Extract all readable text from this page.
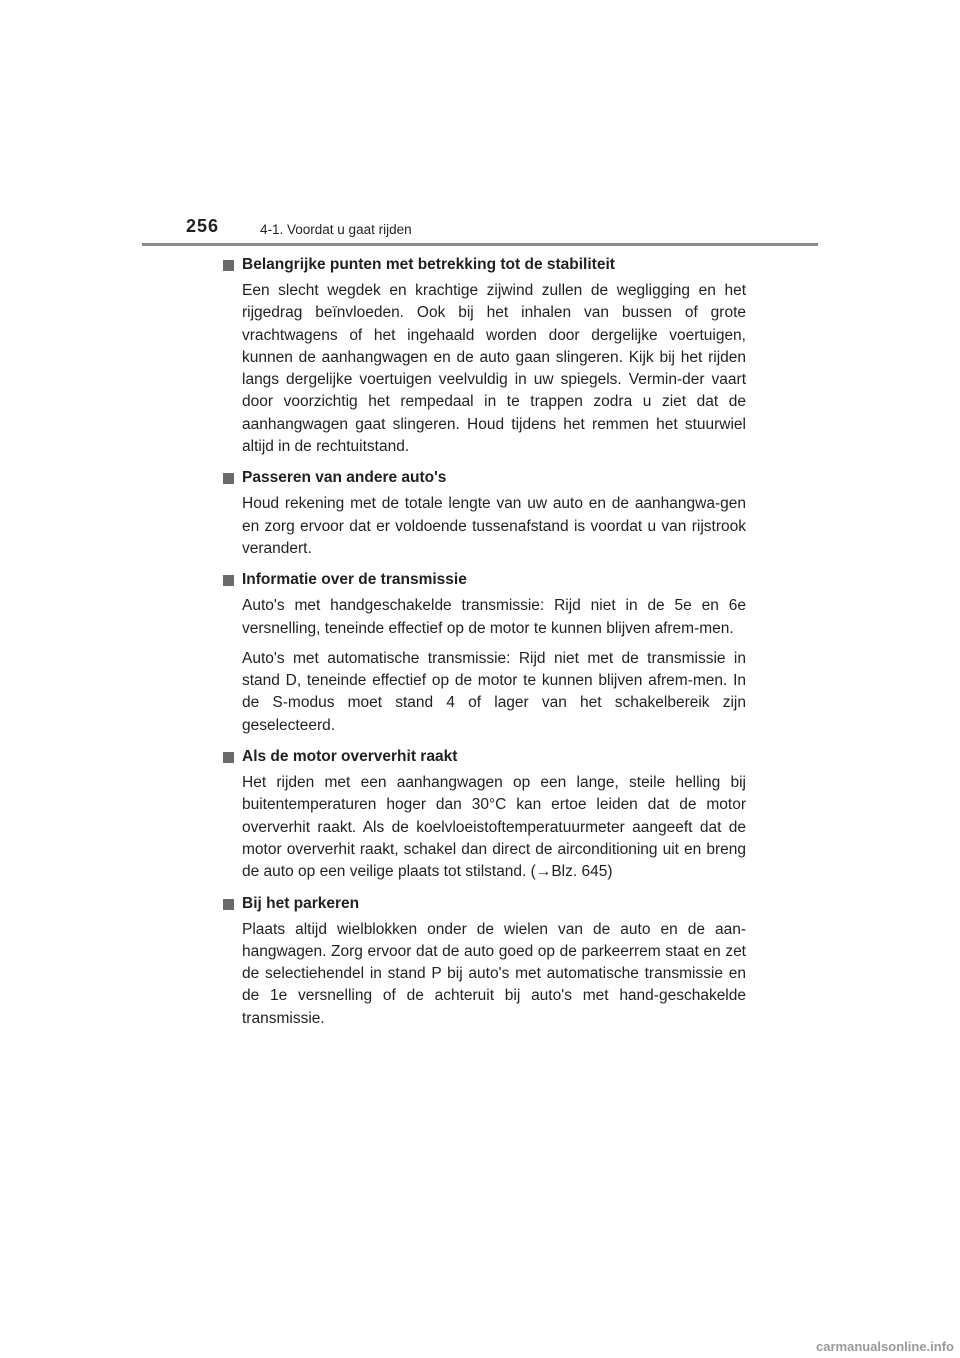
256	4-1. Voordat u gaat rijden
Belangrijke punten met betrekking tot de stabiliteit

Een slecht wegdek en krachtige zijwind zullen de wegligging en het rijgedrag beïnvloeden. Ook bij het inhalen van bussen of grote vrachtwagens of het ingehaald worden door dergelijke voertuigen, kunnen de aanhangwagen en de auto gaan slingeren. Kijk bij het rijden langs dergelijke voertuigen veelvuldig in uw spiegels. Vermin-der vaart door voorzichtig het rempedaal in te trappen zodra u ziet dat de aanhangwagen gaat slingeren. Houd tijdens het remmen het stuurwiel altijd in de rechtuitstand.

Passeren van andere auto's

Houd rekening met de totale lengte van uw auto en de aanhangwa-gen en zorg ervoor dat er voldoende tussenafstand is voordat u van rijstrook verandert.

Informatie over de transmissie

Auto's met handgeschakelde transmissie: Rijd niet in de 5e en 6e versnelling, teneinde effectief op de motor te kunnen blijven afrem-men.

Auto's met automatische transmissie: Rijd niet met de transmissie in stand D, teneinde effectief op de motor te kunnen blijven afrem-men. In de S-modus moet stand 4 of lager van het schakelbereik zijn geselecteerd.

Als de motor oververhit raakt

Het rijden met een aanhangwagen op een lange, steile helling bij buitentemperaturen hoger dan 30°C kan ertoe leiden dat de motor oververhit raakt. Als de koelvloeistoftemperatuurmeter aangeeft dat de motor oververhit raakt, schakel dan direct de airconditioning uit en breng de auto op een veilige plaats tot stilstand. (→Blz. 645)

Bij het parkeren

Plaats altijd wielblokken onder de wielen van de auto en de aan-hangwagen. Zorg ervoor dat de auto goed op de parkeerrem staat en zet de selectiehendel in stand P bij auto's met automatische transmissie en de 1e versnelling of de achteruit bij auto's met hand-geschakelde transmissie.

carmanualsonline.info
